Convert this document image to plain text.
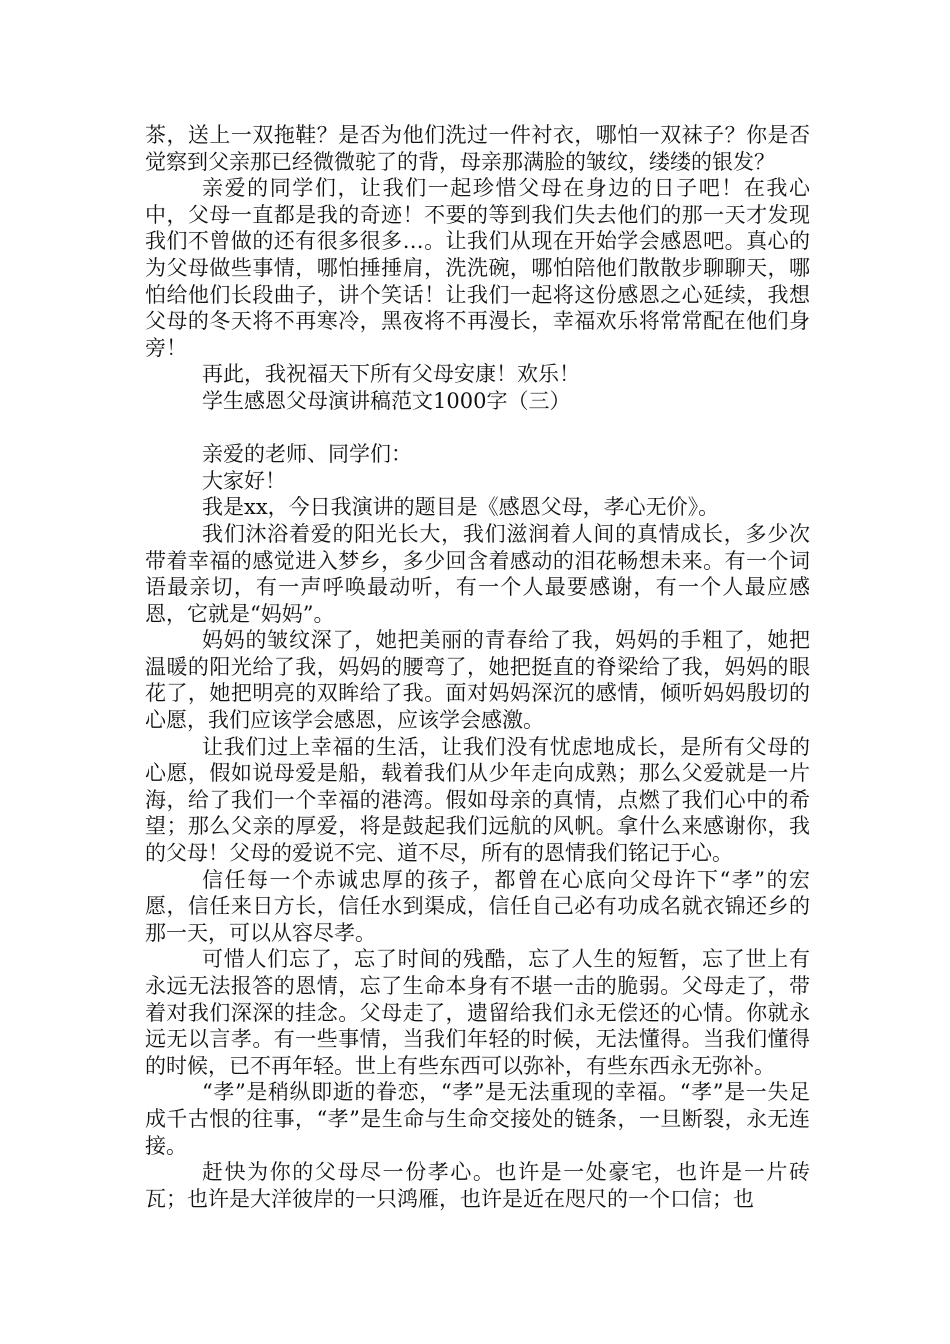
茶，送上一双拖鞋？是否为他们洗过一件衬衣，哪怕一双袜子？你是否觉察到父亲那已经微微驼了的背，母亲那满脸的皱纹，缕缕的银发？

亲爱的同学们，让我们一起珍惜父母在身边的日子吧！在我心中，父母一直都是我的奇迹！不要的等到我们失去他们的那一天才发现我们不曾做的还有很多很多…。让我们从现在开始学会感恩吧。真心的为父母做些事情，哪怕捶捶肩，洗洗碗，哪怕陪他们散散步聊聊天，哪怕给他们长段曲子，讲个笑话！让我们一起将这份感恩之心延续，我想父母的冬天将不再寒冷，黑夜将不再漫长，幸福欢乐将常常配在他们身旁！

再此，我祝福天下所有父母安康！欢乐！

学生感恩父母演讲稿范文1000字（三）

亲爱的老师、同学们：

大家好！

我是xx，今日我演讲的题目是《感恩父母，孝心无价》。

我们沐浴着爱的阳光长大，我们滋润着人间的真情成长，多少次带着幸福的感觉进入梦乡，多少回含着感动的泪花畅想未来。有一个词语最亲切，有一声呼唤最动听，有一个人最要感谢，有一个人最应感恩，它就是“妈妈”。

妈妈的皱纹深了，她把美丽的青春给了我，妈妈的手粗了，她把温暖的阳光给了我，妈妈的腰弯了，她把挺直的脊梁给了我，妈妈的眼花了，她把明亮的双眸给了我。面对妈妈深沉的感情，倾听妈妈殷切的心愿，我们应该学会感恩，应该学会感激。

让我们过上幸福的生活，让我们没有忧虑地成长，是所有父母的心愿，假如说母爱是船，载着我们从少年走向成熟；那么父爱就是一片海，给了我们一个幸福的港湾。假如母亲的真情，点燃了我们心中的希望；那么父亲的厚爱，将是鼓起我们远航的风帆。拿什么来感谢你，我的父母！父母的爱说不完、道不尽，所有的恩情我们铭记于心。

信任每一个赤诚忠厚的孩子，都曾在心底向父母许下“孝”的宏愿，信任来日方长，信任水到渠成，信任自己必有功成名就衣锦还乡的那一天，可以从容尽孝。

可惜人们忘了，忘了时间的残酷，忘了人生的短暂，忘了世上有永远无法报答的恩情，忘了生命本身有不堪一击的脆弱。父母走了，带着对我们深深的挂念。父母走了，遗留给我们永无偿还的心情。你就永远无以言孝。有一些事情，当我们年轻的时候，无法懂得。当我们懂得的时候，已不再年轻。世上有些东西可以弥补，有些东西永无弥补。

“孝”是稍纵即逝的眷恋，“孝”是无法重现的幸福。“孝”是一失足成千古恨的往事，“孝”是生命与生命交接处的链条，一旦断裂，永无连接。

赶快为你的父母尽一份孝心。也许是一处豪宅，也许是一片砖瓦；也许是大洋彼岸的一只鸿雁，也许是近在咫尺的一个口信；也
